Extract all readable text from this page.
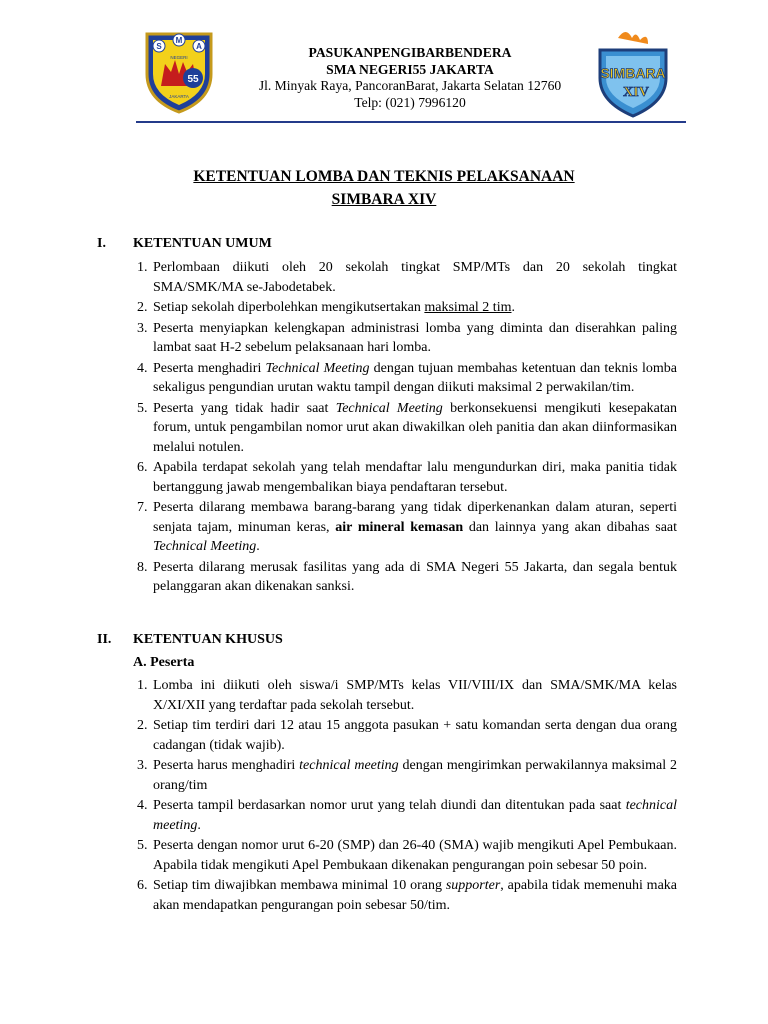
S
M
A
NEGERI
55
JAKARTA
PASUKANPENGIBARBENDERA
SMA NEGERI55 JAKARTA
Jl. Minyak Raya, PancoranBarat, Jakarta Selatan 12760
Telp: (021) 7996120
SIMBARA
XIV
KETENTUAN LOMBA DAN TEKNIS PELAKSANAAN
SIMBARA XIV
I. KETENTUAN UMUM
1. Perlombaan diikuti oleh 20 sekolah tingkat SMP/MTs dan 20 sekolah tingkat SMA/SMK/MA se-Jabodetabek.
2. Setiap sekolah diperbolehkan mengikutsertakan maksimal 2 tim.
3. Peserta menyiapkan kelengkapan administrasi lomba yang diminta dan diserahkan paling lambat saat H-2 sebelum pelaksanaan hari lomba.
4. Peserta menghadiri Technical Meeting dengan tujuan membahas ketentuan dan teknis lomba sekaligus pengundian urutan waktu tampil dengan diikuti maksimal 2 perwakilan/tim.
5. Peserta yang tidak hadir saat Technical Meeting berkonsekuensi mengikuti kesepakatan forum, untuk pengambilan nomor urut akan diwakilkan oleh panitia dan akan diinformasikan melalui notulen.
6. Apabila terdapat sekolah yang telah mendaftar lalu mengundurkan diri, maka panitia tidak bertanggung jawab mengembalikan biaya pendaftaran tersebut.
7. Peserta dilarang membawa barang-barang yang tidak diperkenankan dalam aturan, seperti senjata tajam, minuman keras, air mineral kemasan dan lainnya yang akan dibahas saat Technical Meeting.
8. Peserta dilarang merusak fasilitas yang ada di SMA Negeri 55 Jakarta, dan segala bentuk pelanggaran akan dikenakan sanksi.
II. KETENTUAN KHUSUS
A. Peserta
1. Lomba ini diikuti oleh siswa/i SMP/MTs kelas VII/VIII/IX dan SMA/SMK/MA kelas X/XI/XII yang terdaftar pada sekolah tersebut.
2. Setiap tim terdiri dari 12 atau 15 anggota pasukan + satu komandan serta dengan dua orang cadangan (tidak wajib).
3. Peserta harus menghadiri technical meeting dengan mengirimkan perwakilannya maksimal 2 orang/tim
4. Peserta tampil berdasarkan nomor urut yang telah diundi dan ditentukan pada saat technical meeting.
5. Peserta dengan nomor urut 6-20 (SMP) dan 26-40 (SMA) wajib mengikuti Apel Pembukaan. Apabila tidak mengikuti Apel Pembukaan dikenakan pengurangan poin sebesar 50 poin.
6. Setiap tim diwajibkan membawa minimal 10 orang supporter, apabila tidak memenuhi maka akan mendapatkan pengurangan poin sebesar 50/tim.
